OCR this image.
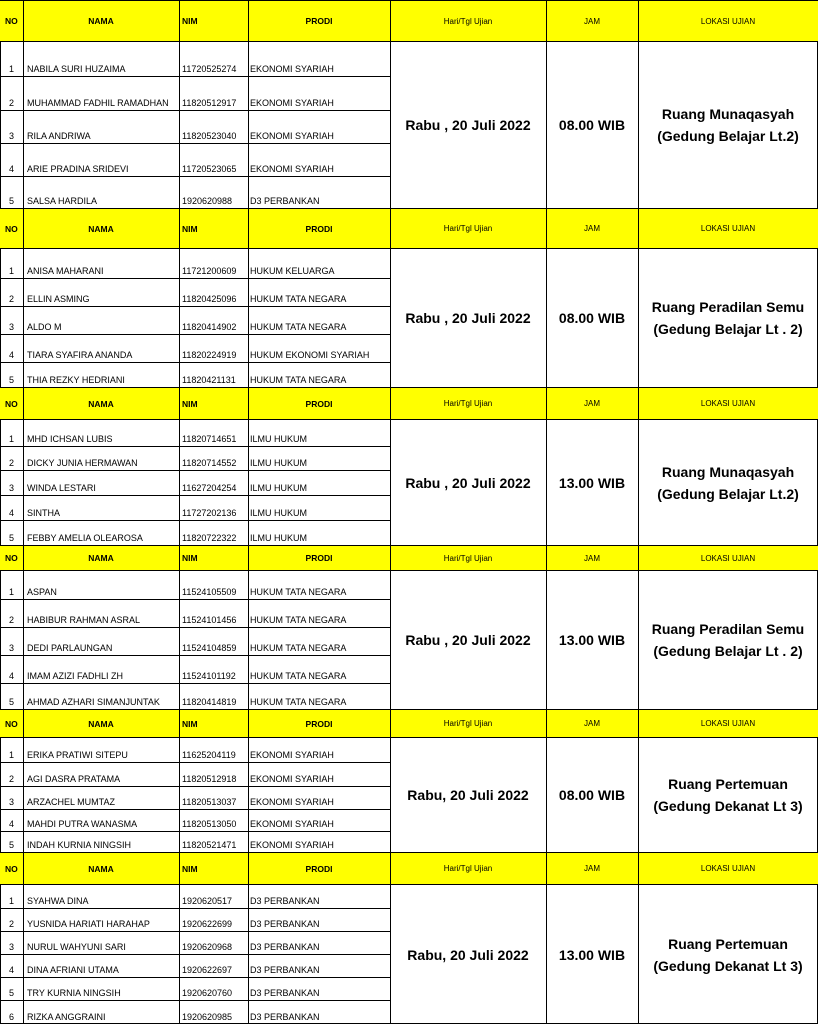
NO	NAMA	NIM	PRODI	Hari/Tgl Ujian	JAM	LOKASI UJIAN
1 NABILA SURI HUZAIMA	11720525274 EKONOMI SYARIAH
2 MUHAMMAD FADHIL RAMADHAN 11820512917 EKONOMI SYARIAH
3 RILA ANDRIWA	11820523040 EKONOMI SYARIAH
4 ARIE PRADINA SRIDEVI	11720523065 EKONOMI SYARIAH
5 SALSA HARDILA	1920620988 D3 PERBANKAN
Rabu , 20 Juli 2022	08.00 WIB
Ruang Munaqasyah
(Gedung Belajar Lt.2)
NO	NAMA	NIM	PRODI	Hari/Tgl Ujian	JAM	LOKASI UJIAN
1 ANISA MAHARANI	11721200609 HUKUM KELUARGA
2 ELLIN ASMING	11820425096 HUKUM TATA NEGARA
3 ALDO M	11820414902 HUKUM TATA NEGARA
4 TIARA SYAFIRA ANANDA	11820224919 HUKUM EKONOMI SYARIAH
5 THIA REZKY HEDRIANI	11820421131 HUKUM TATA NEGARA
Rabu , 20 Juli 2022	08.00 WIB
Ruang Peradilan Semu
(Gedung Belajar Lt . 2)
NO	NAMA	NIM	PRODI	Hari/Tgl Ujian	JAM	LOKASI UJIAN
1 MHD ICHSAN LUBIS	11820714651 ILMU HUKUM
2 DICKY JUNIA HERMAWAN	11820714552 ILMU HUKUM
3 WINDA LESTARI	11627204254 ILMU HUKUM
4 SINTHA	11727202136 ILMU HUKUM
5 FEBBY AMELIA OLEAROSA	11820722322 ILMU HUKUM
Rabu , 20 Juli 2022	13.00 WIB
Ruang Munaqasyah
(Gedung Belajar Lt.2)
NO	NAMA	NIM	PRODI	Hari/Tgl Ujian	JAM	LOKASI UJIAN
1 ASPAN	11524105509 HUKUM TATA NEGARA
2 HABIBUR RAHMAN ASRAL	11524101456 HUKUM TATA NEGARA
3 DEDI PARLAUNGAN	11524104859 HUKUM TATA NEGARA
4 IMAM AZIZI FADHLI ZH	11524101192 HUKUM TATA NEGARA
5 AHMAD AZHARI SIMANJUNTAK 11820414819 HUKUM TATA NEGARA
Rabu , 20 Juli 2022	13.00 WIB
Ruang Peradilan Semu
(Gedung Belajar Lt . 2)
NO	NAMA	NIM	PRODI	Hari/Tgl Ujian	JAM	LOKASI UJIAN
1 ERIKA PRATIWI SITEPU	11625204119 EKONOMI SYARIAH
2 AGI DASRA PRATAMA	11820512918 EKONOMI SYARIAH
3 ARZACHEL MUMTAZ	11820513037 EKONOMI SYARIAH
4 MAHDI PUTRA WANASMA	11820513050 EKONOMI SYARIAH
5 INDAH KURNIA NINGSIH	11820521471 EKONOMI SYARIAH
Rabu, 20 Juli 2022	08.00 WIB
Ruang Pertemuan
(Gedung Dekanat Lt 3)
NO	NAMA	NIM	PRODI	Hari/Tgl Ujian	JAM	LOKASI UJIAN
1 SYAHWA DINA	1920620517 D3 PERBANKAN
2 YUSNIDA HARIATI HARAHAP	1920622699 D3 PERBANKAN
3 NURUL WAHYUNI SARI	1920620968 D3 PERBANKAN
4 DINA AFRIANI UTAMA	1920622697 D3 PERBANKAN
5 TRY KURNIA NINGSIH	1920620760 D3 PERBANKAN
6 RIZKA ANGGRAINI	1920620985 D3 PERBANKAN
Rabu, 20 Juli 2022	13.00 WIB
Ruang Pertemuan
(Gedung Dekanat Lt 3)
